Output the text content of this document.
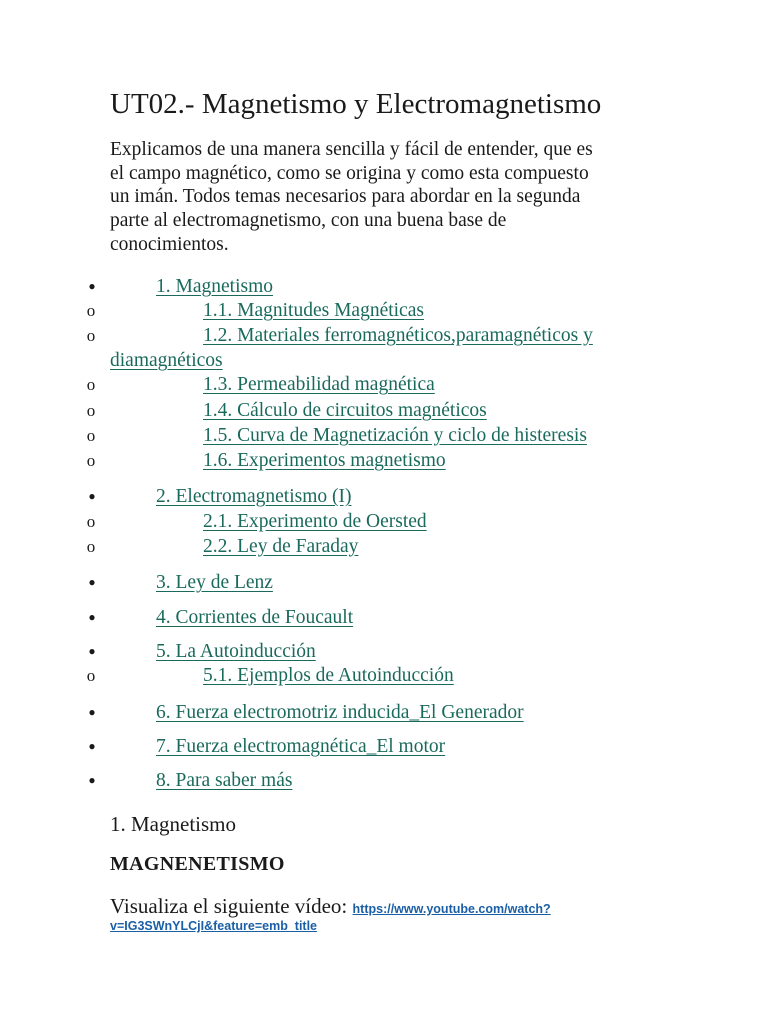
UT02.- Magnetismo y Electromagnetismo
Explicamos de una manera sencilla y fácil de entender, que es
el campo magnético, como se origina y como esta compuesto
un imán. Todos temas necesarios para abordar en la segunda
parte al electromagnetismo, con una buena base de
conocimientos.
●	1. Magnetismo
o	1.1. Magnitudes Magnéticas
o	1.2. Materiales ferromagnéticos,paramagnéticos y
diamagnéticos
o	1.3. Permeabilidad magnética
o	1.4. Cálculo de circuitos magnéticos
o	1.5. Curva de Magnetización y ciclo de histeresis
o	1.6. Experimentos magnetismo
●	2. Electromagnetismo (I)
o	2.1. Experimento de Oersted
o	2.2. Ley de Faraday
●	3. Ley de Lenz
●	4. Corrientes de Foucault
●	5. La Autoinducción
o	5.1. Ejemplos de Autoinducción
●	6. Fuerza electromotriz inducida_El Generador
●	7. Fuerza electromagnética_El motor
●	8. Para saber más
1. Magnetismo
MAGNENETISMO
Visualiza el siguiente vídeo: https://www.youtube.com/watch?
v=IG3SWnYLCjI&feature=emb_title
